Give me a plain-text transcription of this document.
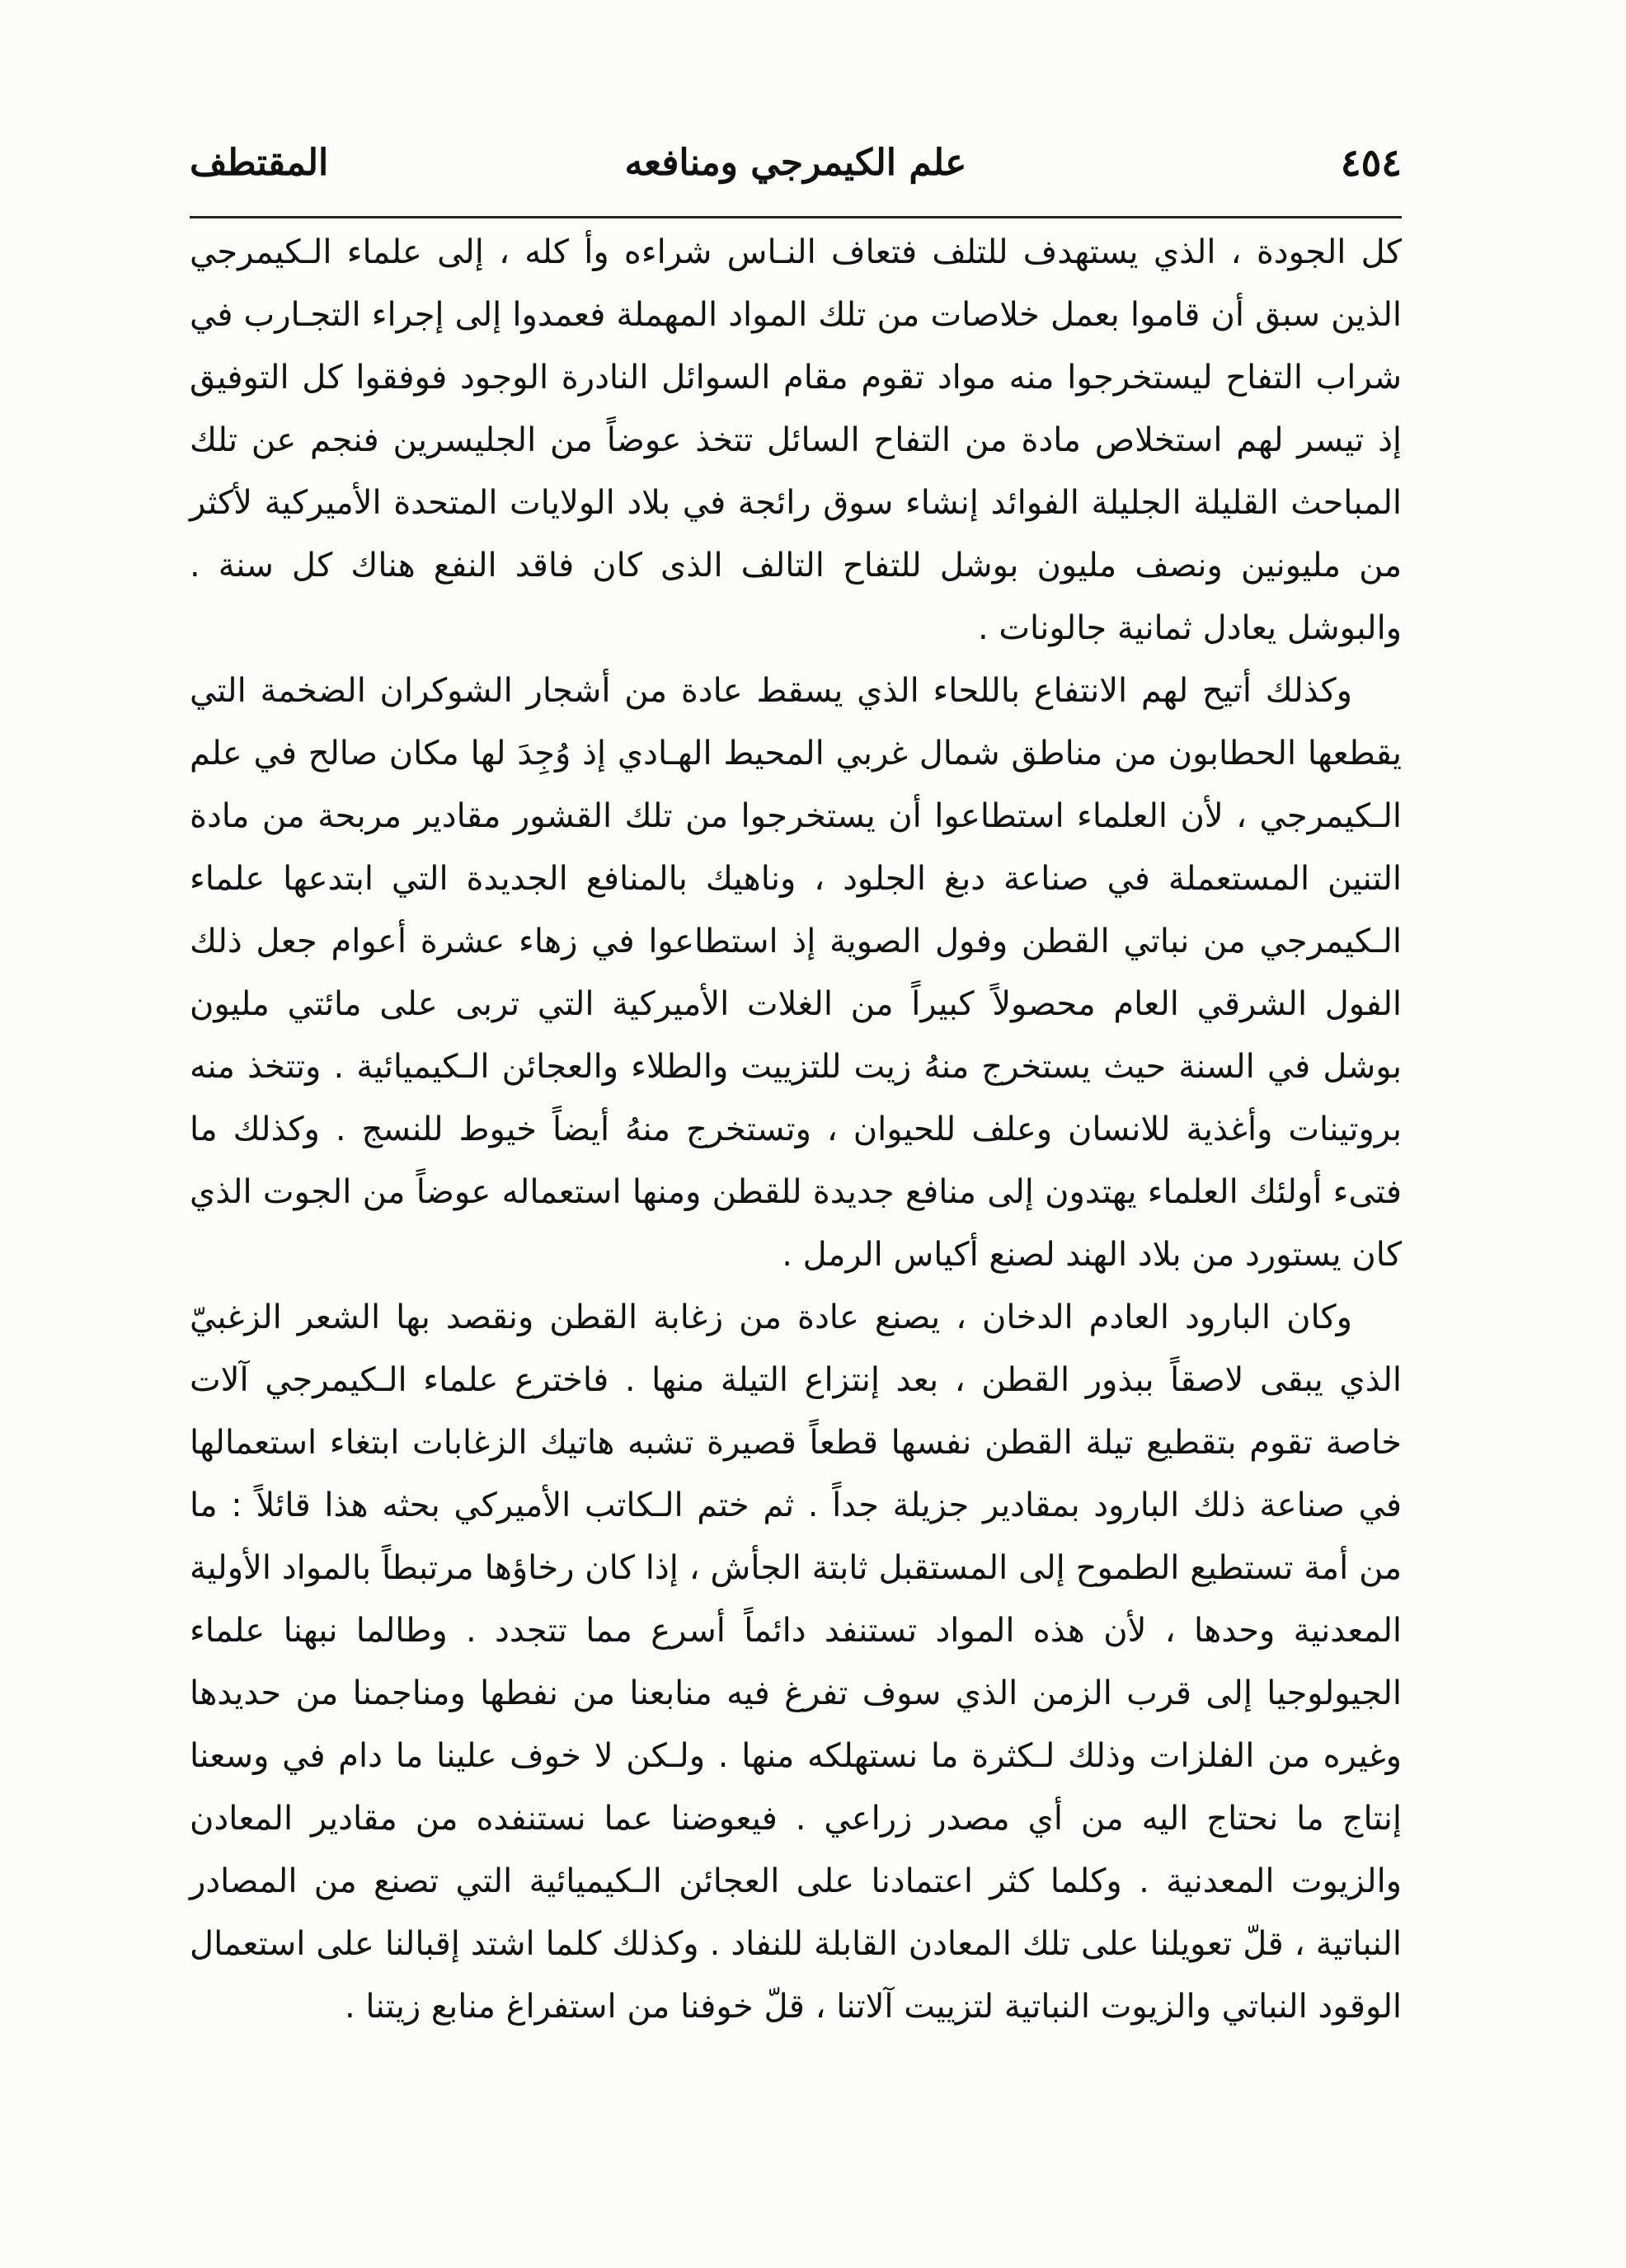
٤٥٤
علم الكيمرجي ومنافعه
المقتطف

كل الجودة ، الذي يستهدف للتلف فتعاف النـاس شراءه وأ كله ، إلى علماء الـكيمرجي الذين سبق أن قاموا بعمل خلاصات من تلك المواد المهملة فعمدوا إلى إجراء التجـارب في شراب التفاح ليستخرجوا منه مواد تقوم مقام السوائل النادرة الوجود فوفقوا كل التوفيق إذ تيسر لهم استخلاص مادة من التفاح السائل تتخذ عوضاً من الجليسرين فنجم عن تلك المباحث القليلة الجليلة الفوائد إنشاء سوق رائجة في بلاد الولايات المتحدة الأميركية لأكثر من مليونين ونصف مليون بوشل للتفاح التالف الذى كان فاقد النفع هناك كل سنة . والبوشل يعادل ثمانية جالونات .

وكذلك أتيح لهم الانتفاع باللحاء الذي يسقط عادة من أشجار الشوكران الضخمة التي يقطعها الحطابون من مناطق شمال غربي المحيط الهـادي إذ وُجِدَ لها مكان صالح في علم الـكيمرجي ، لأن العلماء استطاعوا أن يستخرجوا من تلك القشور مقادير مربحة من مادة التنين المستعملة في صناعة دبغ الجلود ، وناهيك بالمنافع الجديدة التي ابتدعها علماء الـكيمرجي من نباتي القطن وفول الصوية إذ استطاعوا في زهاء عشرة أعوام جعل ذلك الفول الشرقي العام محصولاً كبيراً من الغلات الأميركية التي تربى على مائتي مليون بوشل في السنة حيث يستخرج منهُ زيت للتزييت والطلاء والعجائن الـكيميائية . وتتخذ منه بروتينات وأغذية للانسان وعلف للحيوان ، وتستخرج منهُ أيضاً خيوط للنسج . وكذلك ما فتىء أولئك العلماء يهتدون إلى منافع جديدة للقطن ومنها استعماله عوضاً من الجوت الذي كان يستورد من بلاد الهند لصنع أكياس الرمل .

وكان البارود العادم الدخان ، يصنع عادة من زغابة القطن ونقصد بها الشعر الزغبيّ الذي يبقى لاصقاً ببذور القطن ، بعد إنتزاع التيلة منها . فاخترع علماء الـكيمرجي آلات خاصة تقوم بتقطيع تيلة القطن نفسها قطعاً قصيرة تشبه هاتيك الزغابات ابتغاء استعمالها في صناعة ذلك البارود بمقادير جزيلة جداً . ثم ختم الـكاتب الأميركي بحثه هذا قائلاً : ما من أمة تستطيع الطموح إلى المستقبل ثابتة الجأش ، إذا كان رخاؤها مرتبطاً بالمواد الأولية المعدنية وحدها ، لأن هذه المواد تستنفد دائماً أسرع مما تتجدد . وطالما نبهنا علماء الجيولوجيا إلى قرب الزمن الذي سوف تفرغ فيه منابعنا من نفطها ومناجمنا من حديدها وغيره من الفلزات وذلك لـكثرة ما نستهلكه منها . ولـكن لا خوف علينا ما دام في وسعنا إنتاج ما نحتاج اليه من أي مصدر زراعي . فيعوضنا عما نستنفده من مقادير المعادن والزيوت المعدنية . وكلما كثر اعتمادنا على العجائن الـكيميائية التي تصنع من المصادر النباتية ، قلّ تعويلنا على تلك المعادن القابلة للنفاد . وكذلك كلما اشتد إقبالنا على استعمال الوقود النباتي والزيوت النباتية لتزييت آلاتنا ، قلّ خوفنا من استفراغ منابع زيتنا .
